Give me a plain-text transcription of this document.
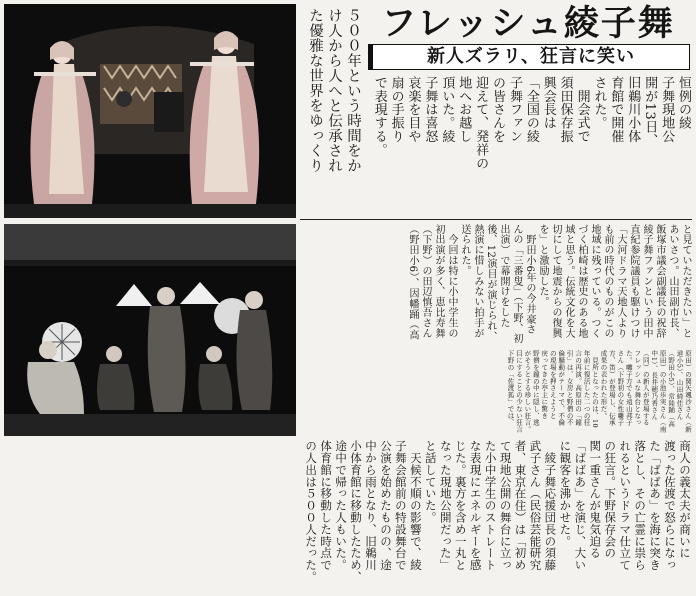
５００年という時間をか
け人から人へと伝承され
た優雅な世界をゆっくり	フレッシュ綾子舞
新人ズラリ、狂言に笑い
恒例の綾
子舞現地公
開が13日、
旧鵜川小体
育館で開催
された。
　開会式で
須田保存振
興会長は
「全国の綾
子舞ファン
の皆さんを
迎えて、発祥の
地へお越し
頂いた。綾
子舞は喜怒
哀楽を目や
扇の手振り
で表現する。
と見ていただきたい」と
あいさつ。山田副市長、
飯塚市議会副議長の祝辞
綾子舞ファンという田中
直紀参院議員も駆けつけ
「大河ドラマ天地人より
も前の時代のものがこの
地域に残っている。つく
づく柏崎は歴史のある地
域と思う。伝統文化を大
切にして地震からの復興
を」と激励した。
　野田小6年の今井豪さ
んの「三番叟」（下野、初
出演）で幕開けをした
後、12演目が演じられ、
熱演に惜しみない拍手が
送られた。
　今回は特に小中学生の
初出演が多く、恵比寿舞
（下野）の田辺慎吾さん
（野田小6）、因幡踊（高
原田）の関矢颯沙さん（新
道小5）、山田綺佳さん
（野田小5）、常陸踊（高
原田）の小池歩実さん（南
中1）、長井穂乃香さん
（同）の新人が登場する
フレッシュな舞台となっ
た。囃子方でも遠山邦子
さん（下野初の女性囃子
方、笛）が登場し、伝承
成果の表われた形だ。
　見所となったのは、10
年前に復活した二つの狂
言の再演。高原田の「鐘
引」は、女房と野僧の不
倫騒動がテーマで、不倫
の現場を押さえようと
戻ってきた亭主に驚き
野僧を鐘の中に隠し、逃
がそうとする珍しい狂言。
目にすることの少ない狂言
下野の「佐渡狐」では、
商人の義太夫が商いに
渡った佐渡で怒らになっ
た「ばばあ」を海に突き
落とし、その亡霊に祟ら
れるというドラマ仕立て
の狂言。下野保存会の
関一重さんが鬼気迫る
「ばばあ」を演じ、大い
に観客を沸かせた。
　綾子舞応援団長の須藤
武子さん（民俗芸能研究
者、東京在住）は「初め
て現地公開の舞台に立っ
た小中学生のストレート
な表現にエネルギーを感
じた。裏方を含め一丸と
なった現地公開だった」
と話していた。
　天候不順の影響で、綾
子舞会館前の特設舞台で
公演を始めたものの、途
中から雨となり、旧鵜川
小体育館に移動したため、
途中で帰った人もいた。
体育館に移動した時点で
の人出は５００人だった。
